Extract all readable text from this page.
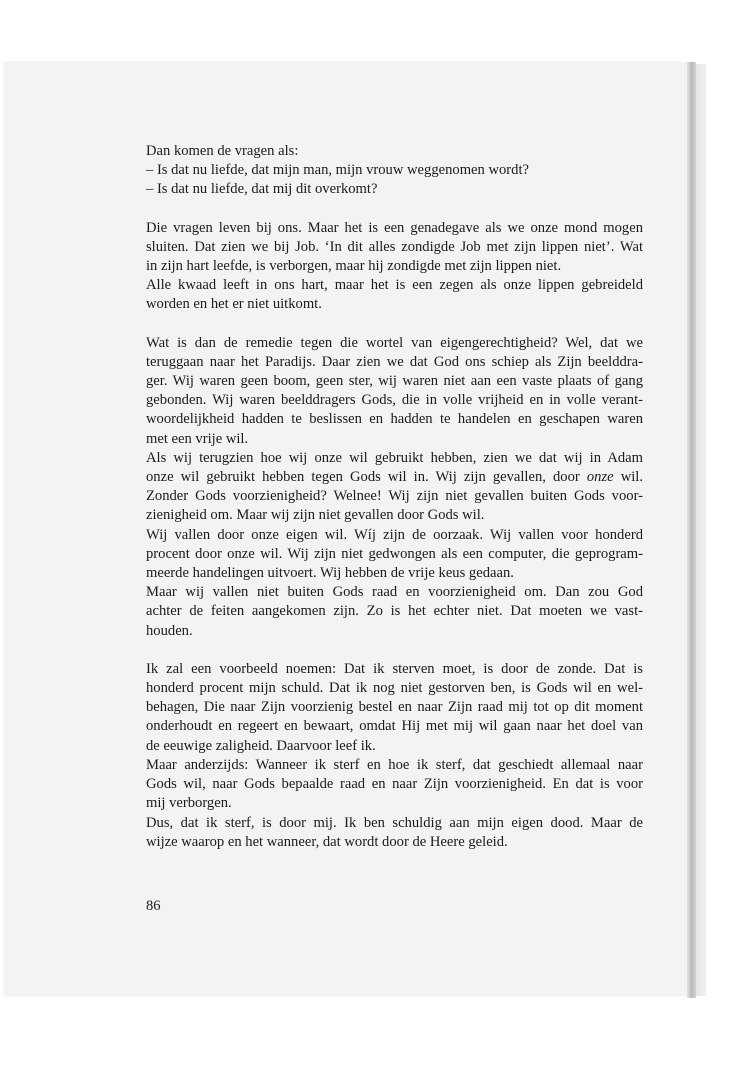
Dan komen de vragen als:
– Is dat nu liefde, dat mijn man, mijn vrouw weggenomen wordt?
– Is dat nu liefde, dat mij dit overkomt?

Die vragen leven bij ons. Maar het is een genadegave als we onze mond mogen
sluiten. Dat zien we bij Job. ‘In dit alles zondigde Job met zijn lippen niet’. Wat
in zijn hart leefde, is verborgen, maar hij zondigde met zijn lippen niet.
Alle kwaad leeft in ons hart, maar het is een zegen als onze lippen gebreideld
worden en het er niet uitkomt.

Wat is dan de remedie tegen die wortel van eigengerechtigheid? Wel, dat we
teruggaan naar het Paradijs. Daar zien we dat God ons schiep als Zijn beelddra-
ger. Wij waren geen boom, geen ster, wij waren niet aan een vaste plaats of gang
gebonden. Wij waren beelddragers Gods, die in volle vrijheid en in volle verant-
woordelijkheid hadden te beslissen en hadden te handelen en geschapen waren
met een vrije wil.
Als wij terugzien hoe wij onze wil gebruikt hebben, zien we dat wij in Adam
onze wil gebruikt hebben tegen Gods wil in. Wij zijn gevallen, door onze wil.
Zonder Gods voorzienigheid? Welnee! Wij zijn niet gevallen buiten Gods voor-
zienigheid om. Maar wij zijn niet gevallen door Gods wil.
Wij vallen door onze eigen wil. Wíj zijn de oorzaak. Wij vallen voor honderd
procent door onze wil. Wij zijn niet gedwongen als een computer, die geprogram-
meerde handelingen uitvoert. Wij hebben de vrije keus gedaan.
Maar wij vallen niet buiten Gods raad en voorzienigheid om. Dan zou God
achter de feiten aangekomen zijn. Zo is het echter niet. Dat moeten we vast-
houden.

Ik zal een voorbeeld noemen: Dat ik sterven moet, is door de zonde. Dat is
honderd procent mijn schuld. Dat ik nog niet gestorven ben, is Gods wil en wel-
behagen, Die naar Zijn voorzienig bestel en naar Zijn raad mij tot op dit moment
onderhoudt en regeert en bewaart, omdat Hij met mij wil gaan naar het doel van
de eeuwige zaligheid. Daarvoor leef ik.
Maar anderzijds: Wanneer ik sterf en hoe ik sterf, dat geschiedt allemaal naar
Gods wil, naar Gods bepaalde raad en naar Zijn voorzienigheid. En dat is voor
mij verborgen.
Dus, dat ik sterf, is door mij. Ik ben schuldig aan mijn eigen dood. Maar de
wijze waarop en het wanneer, dat wordt door de Heere geleid.

86
